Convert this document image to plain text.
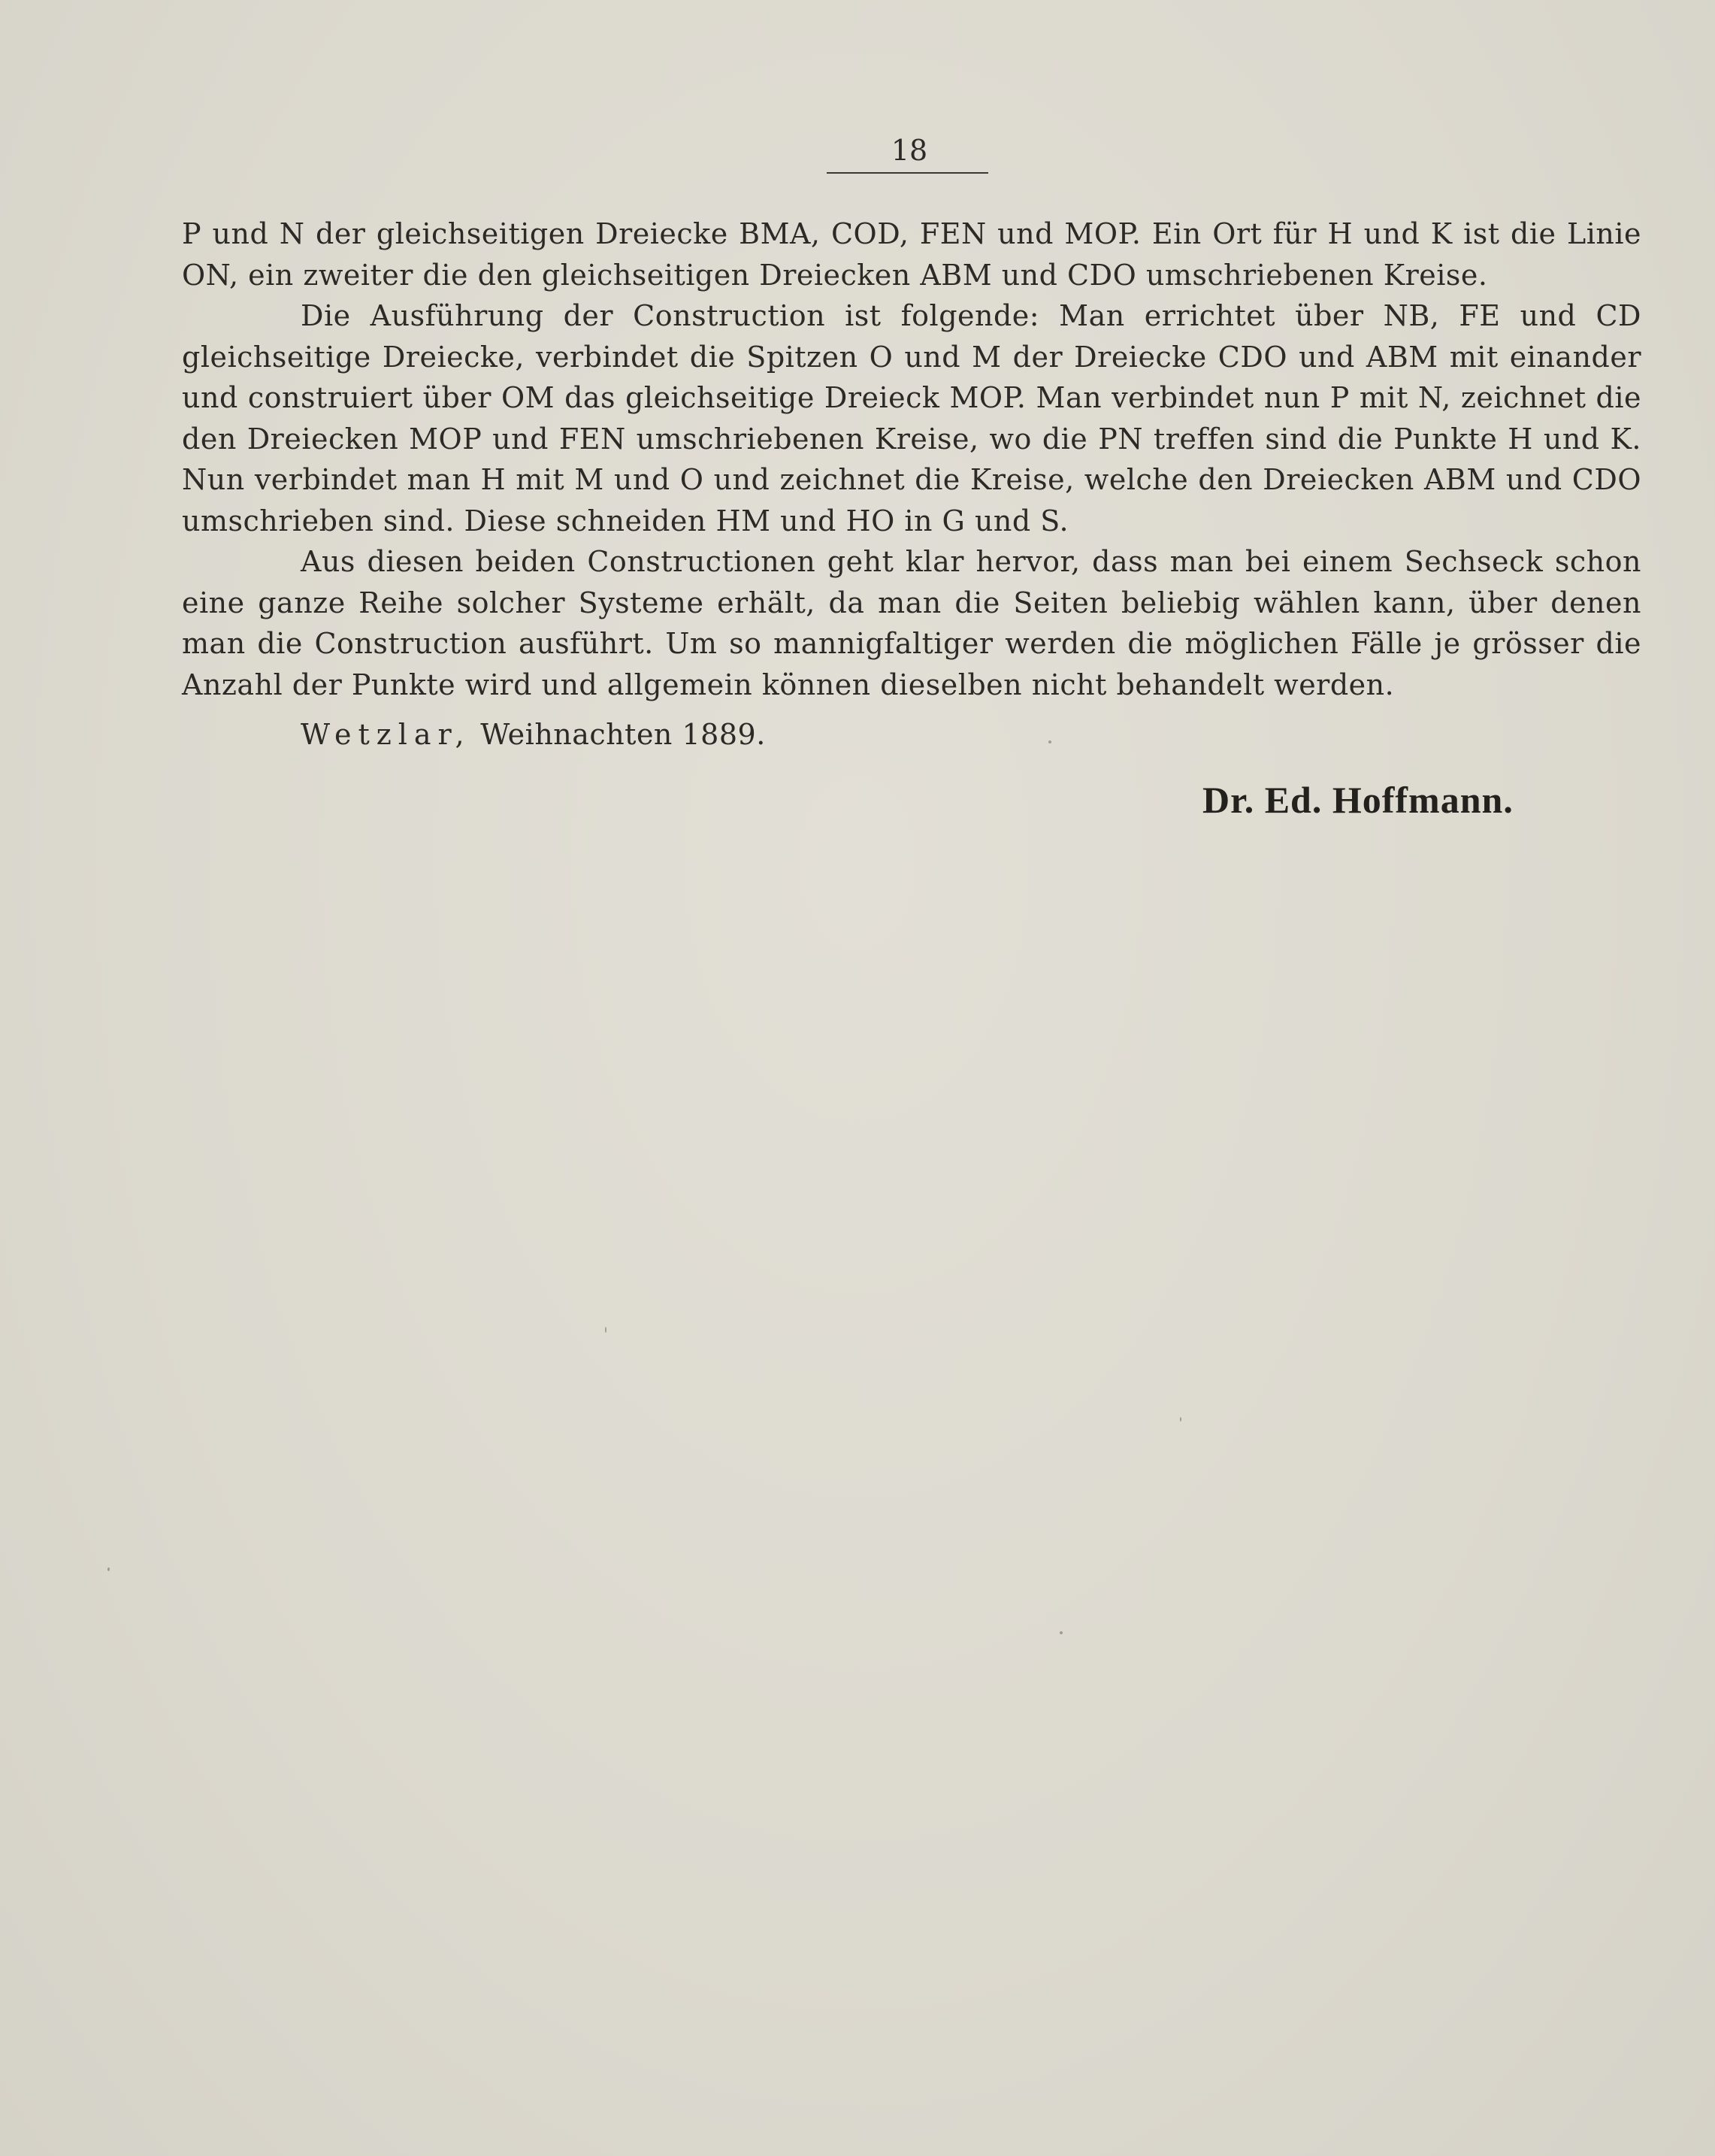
18

P und N der gleichseitigen Dreiecke BMA, COD, FEN und MOP. Ein Ort für H und K ist die Linie ON, ein zweiter die den gleichseitigen Dreiecken ABM und CDO umschriebenen Kreise.

Die Ausführung der Construction ist folgende: Man errichtet über NB, FE und CD gleichseitige Dreiecke, verbindet die Spitzen O und M der Dreiecke CDO und ABM mit einander und construiert über OM das gleichseitige Dreieck MOP. Man verbindet nun P mit N, zeichnet die den Dreiecken MOP und FEN umschriebenen Kreise, wo die PN treffen sind die Punkte H und K. Nun verbindet man H mit M und O und zeichnet die Kreise, welche den Dreiecken ABM und CDO umschrieben sind. Diese schneiden HM und HO in G und S.

Aus diesen beiden Constructionen geht klar hervor, dass man bei einem Sechseck schon eine ganze Reihe solcher Systeme erhält, da man die Seiten beliebig wählen kann, über denen man die Construction ausführt. Um so mannigfaltiger werden die möglichen Fälle je grösser die Anzahl der Punkte wird und allgemein können dieselben nicht behandelt werden.

Wetzlar, Weihnachten 1889.
Dr. Ed. Hoffmann.
